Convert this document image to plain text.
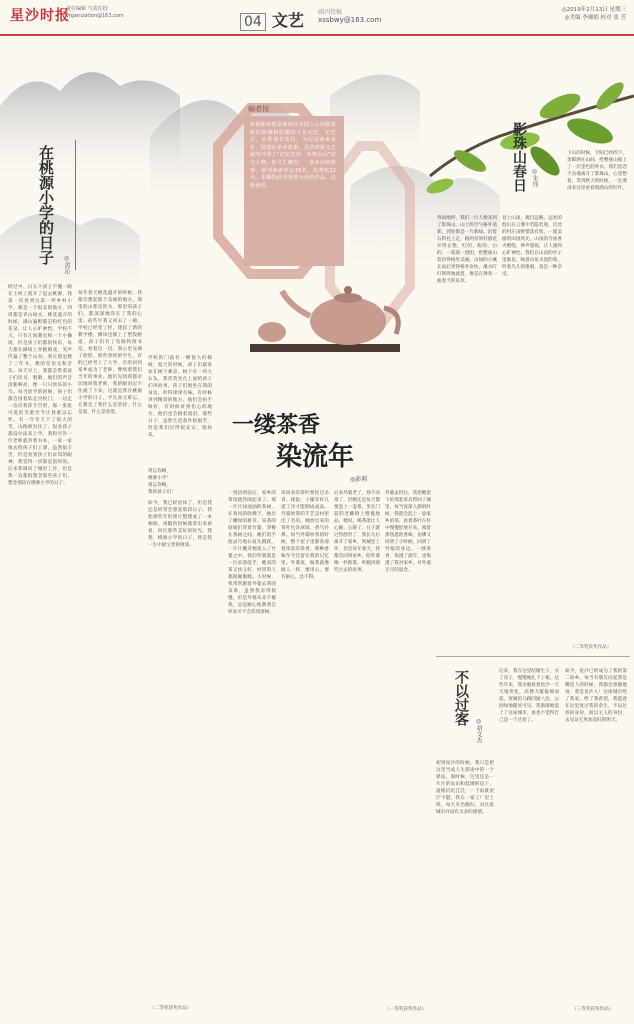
星沙时报
责任编辑 与责任校
vrganization@163.com	04 文艺 副刊投稿
xssbwy@163.com
◎2019年2月13日 星期三
◎美编 李湘娟 校对 张 芳
在桃源小学的日子 ◎黄沁
经过中、日五个孩子不懂一路在土坝上就开了起去桃源，我第一次看到这第一所乡村小学。那是一个很美的地方，四周都是青山绿水，桃花盛开的时候，满山遍野都是粉红色的花朵，让人心旷神怡。学校不大，只有几间教室和一个小操场，但是孩子们都很快乐，每天都在操场上奔跑嬉戏，笑声传遍了整个山谷。我在那里教了三年书，教的是语文和音乐。每天早上，我都会带着孩子们读书、唱歌，他们的声音清脆响亮，像一只只快乐的小鸟。每当放学的时候，孩子们都会排着队走出校门，一边走一边向我挥手告别，那一张张可爱的笑脸至今让我难以忘怀。有一年冬天下了很大的雪，山路被封住了，很多孩子都没办法来上学。我和另外一位老师就背着书本，一家一家地去给孩子们上课，虽然很辛苦，但是看到孩子们求知的眼神，我觉得一切都是值得的。后来我调回了城里工作，但是我一直都很想念那些孩子们，想念那段在桃源小学的日子。
每年春天桃花盛开的时候，我都会想起那个美丽的地方。那里的山那里的水，那里的孩子们，都深深地印在了我的心里。前些年我又回去了一趟，学校已经变了样，建起了新的教学楼，操场也铺上了塑胶跑道，孩子们有了电脑和图书室。看着这一切，我心里充满了欣慰。那些曾经的学生，有的已经考上了大学，有的回到家乡成为了老师，继续着我们当年的事业。他们见到我都亲切地叫我老师，我的眼泪忍不住流了下来。这就是我在桃源小学的日子，平凡而又难忘，它教会了我什么是坚持，什么是爱，什么是希望。
学校的门前有一棵很大的樟树，夏天的时候，孩子们最喜欢在树下乘凉。树下有一块大石头，我常常坐在上面给孩子们讲故事。孩子们围坐在我的身边，听得津津有味。有时候讲到精彩的地方，他们会拍手叫好，有时候讲到伤心的地方，他们也会跟着流泪。那些日子，虽然生活条件很艰苦，但是我们过得很充实，很快乐。
难忘你啊，
桃源小学！
难忘你啊，
我的孩子们！
如今，我已经退休了，但是我还是经常会想起那段日子。我把那些年的照片整理成了一本相册，闲暇的时候就拿出来看看，回忆那些美好的时光。我想，桃源小学的日子，将是我一生中最宝贵的财富。
（二等奖获奖作品）
编者按
乡愁和乡情是萦绕在中国人心尚最柔软的情愫和温暖的文化记忆。记忆在，乡愁便有寄托。为记录家乡变化，展现在家乡故事，星沙时报文艺副刊开展了“记忆星沙，乡情永远”征文大赛。征文汇聚有：一条乡村的故事，新刊读者评比15名，优秀奖22名。本期特此刊登部分获奖作品，以飨读者。
一缕茶香
染流年
◎彭莉
一到清明前后，家乡的茶园就热闹起来了。那一片片绿油油的茶树，在春风的吹拂下，抽出了嫩绿的新芽。采茶的姑娘们背着竹篓，穿梭在茶树之间，她们的手指灵巧地在枝头跳跃，一片片嫩芽便落入了竹篓之中。我的外婆就是一位采茶能手，她采的茶又快又好，村里的人都很佩服她。小时候，我常常跟着外婆去茶园采茶，虽然我采得很慢，但是外婆从来不催我，总是耐心地教我怎样采才不会伤到茶树。
采回来的茶叶要经过杀青、揉捻、干燥等好几道工序才能制成成品。外婆炒茶的手艺是村里出了名的，她炒出来的茶叶色泽翠绿，香气扑鼻。每当外婆炒茶的时候，整个屋子里都弥漫着浓浓的茶香，那种香味至今还留在我的记忆里。外婆说，做茶就像做人一样，要用心，要有耐心，急不得。
后来外婆老了，炒不动茶了，但她还是每天都要泡上一壶茶，坐在门前的老藤椅上慢慢地品。她说，喝茶能让人心静，心静了，日子就过得舒坦了。我长大后离开了家乡，到城里工作，但是每年春天，我都会回到家乡，陪外婆喝一杯新茶，听她讲那些过去的故事。
外婆去世后，我把她留下的那套茶具带回了城里。每当夜深人静的时候，我就会泡上一壶家乡的茶，看着茶叶在杯中慢慢舒展开来，闻着那熟悉的香味，仿佛又回到了小时候，回到了外婆的身边。一缕茶香，染透了流年，也染透了我对家乡、对外婆无尽的思念。
（一等奖获奖作品）
影珠山春日 ◎朱伟
春雨刚停，我们一行人便来到了影珠山。山上的空气格外清新，到处都是一片新绿。沿着石阶往上走，路两旁的杜鹃花开得正艳，红的、粉的、白的，一簇簇一团团，把整座山装扮得格外美丽。山间的小溪在雨后变得格外欢快，溪水叮叮咚咚地流着，像是在弹奏一曲春天的乐章。
登上山顶，极目远眺，远处的群山在云雾中若隐若现，近处的村庄田野错落有致，一派美丽的田园风光。山顶的寺庙香火缭绕，钟声悠扬，让人感到心旷神怡。我们在山顶的亭子里歇息，喝着山泉水泡的茶，听着鸟儿的歌唱，真是一种享受。
下山的时候，夕阳已经西下，余晖洒在山间，给整座山披上了一层金色的外衣。我们恋恋不舍地离开了影珠山，心里想着，等到秋天的时候，一定要再来这里看看那满山的红叶。
（二等奖获奖作品）
不以过客
◎胡文杰
初到星沙的时候，我只是把这里当成人生旅途中的一个驿站。那时候，这里还是一片片的农田和低矮的房子，道路坑坑洼洼，一下雨就泥泞不堪。我在一家工厂里上班，每天早出晚归，对这座城市并没有太多的感情。
后来，我在这里结婚生子，买了房子，慢慢地扎下了根。这些年来，我亲眼看着星沙一天天地变化，高楼大厦拔地而起，宽阔的马路四通八达，公园绿地随处可见。我渐渐地爱上了这座城市，再也不觉得自己是一个过客了。
如今，星沙已经成为了我的第二故乡。每当有朋友问起我是哪里人的时候，我都会骄傲地说：我是星沙人！这座城市给了我家，给了我希望，我愿意在这里度过我的余生，不以过客的身份，而以主人的身份，去见证它更加美好的明天。
（三等奖获奖作品）
